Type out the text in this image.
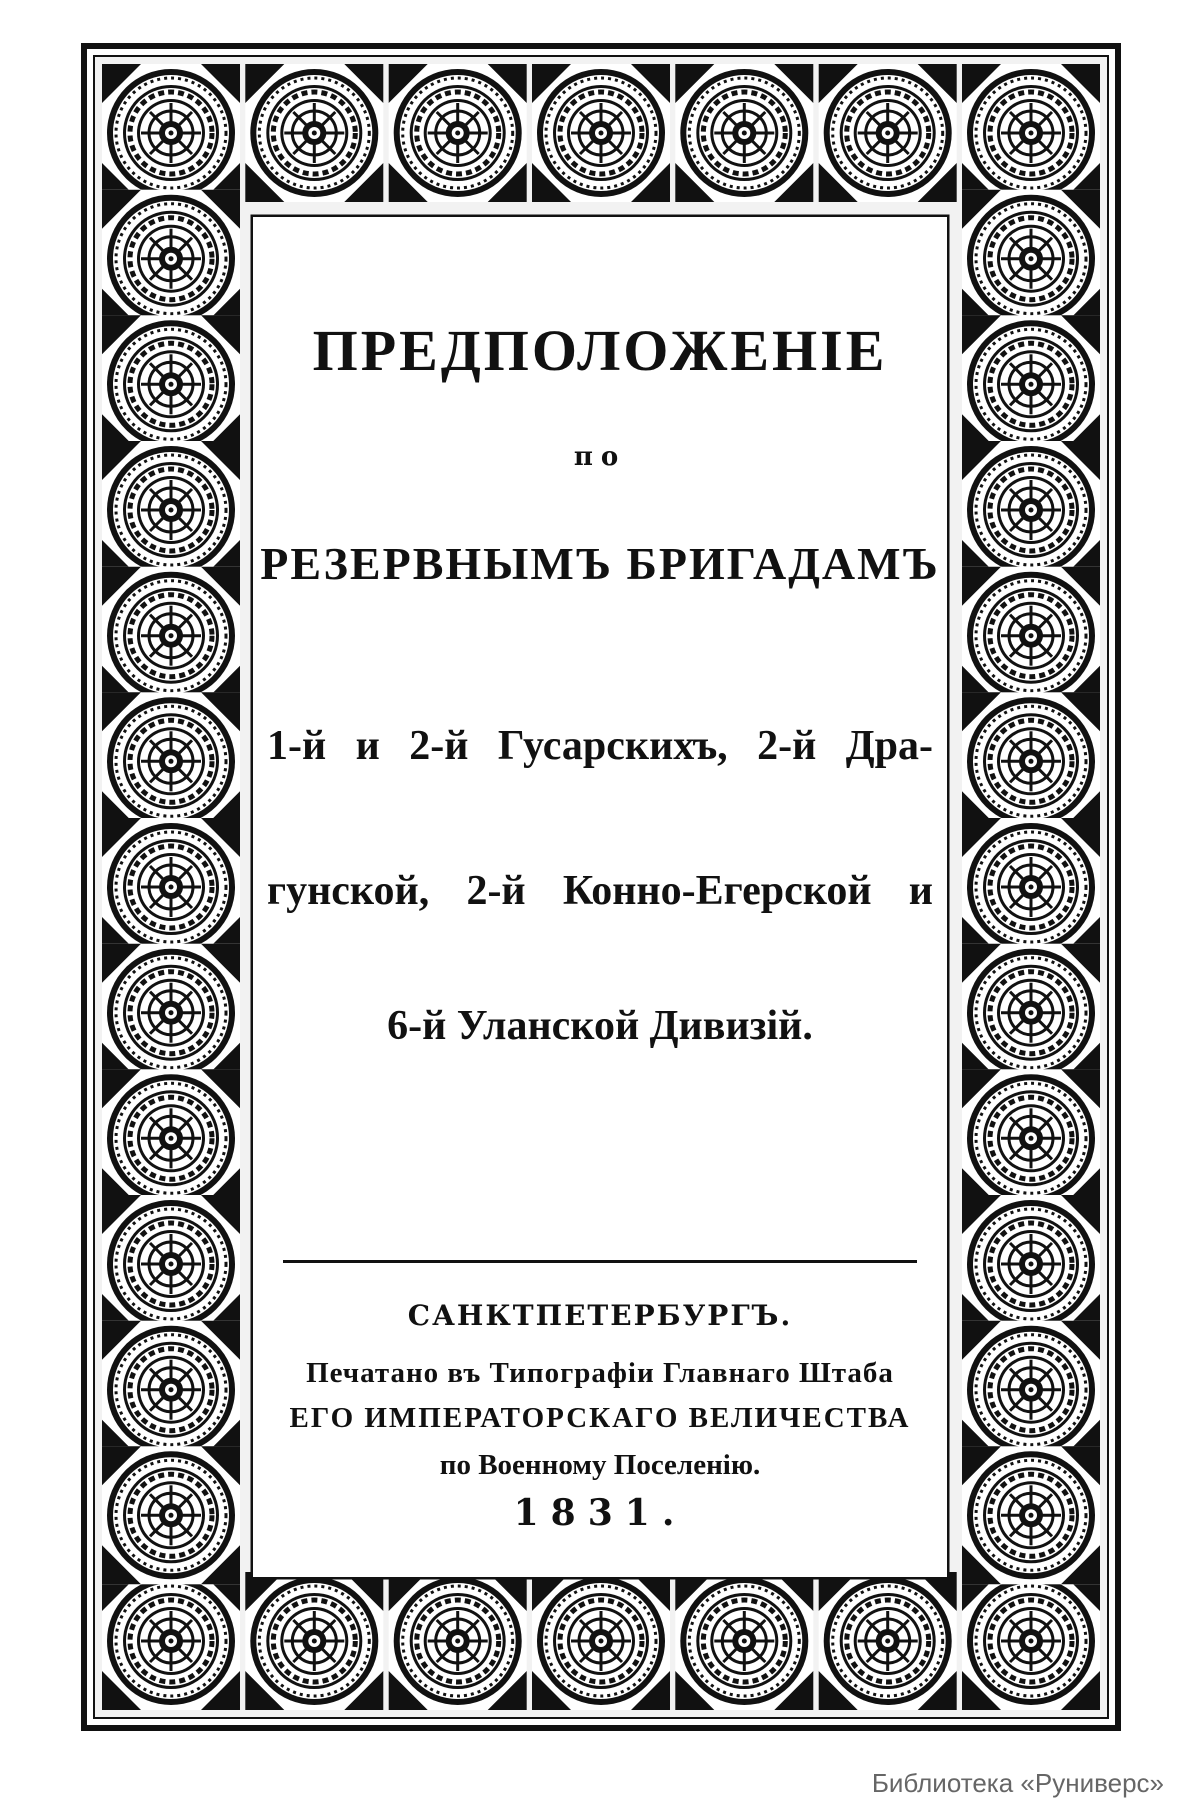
ПРЕДПОЛОЖЕНІЕ
по
РЕЗЕРВНЫМЪ БРИГАДАМЪ
1-й и 2-й Гусарскихъ, 2-й Дра-
гунской, 2-й Конно-Егерской и
6-й Уланской Дивизій.
САНКТПЕТЕРБУРГЪ.
Печатано въ Типографіи Главнаго Штаба
ЕГО ИМПЕРАТОРСКАГО ВЕЛИЧЕСТВА
по Военному Поселенію.
1831.
Библиотека «Руниверс»
